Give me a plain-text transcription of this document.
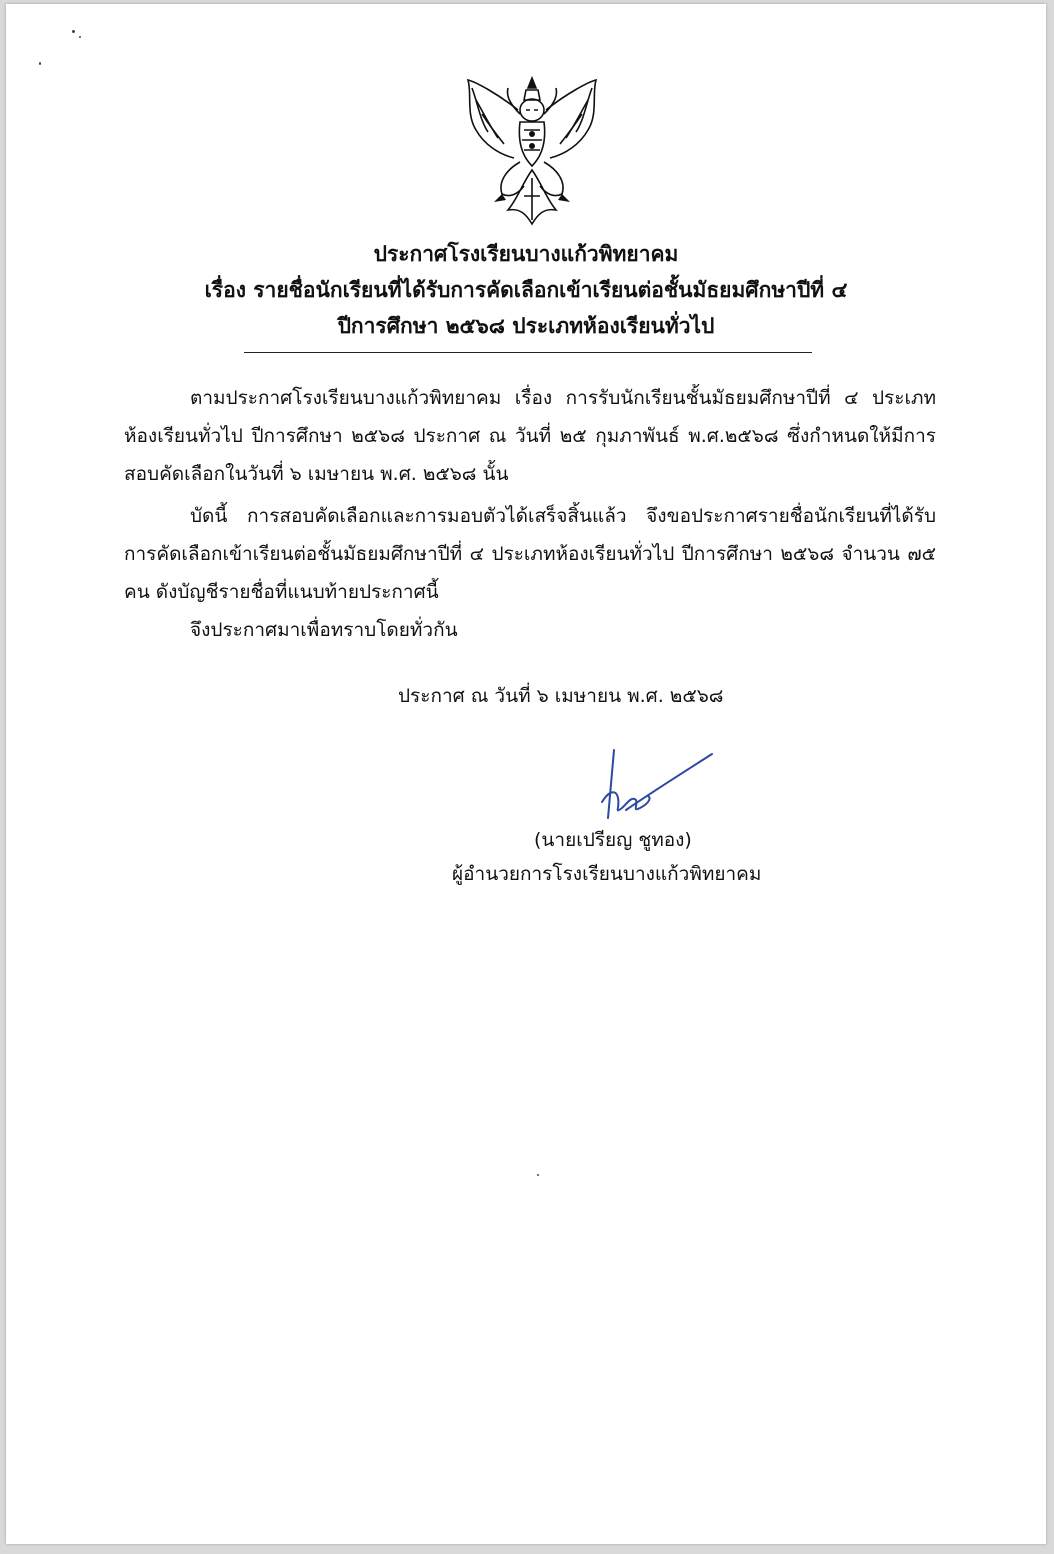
ประกาศโรงเรียนบางแก้วพิทยาคม
เรื่อง รายชื่อนักเรียนที่ได้รับการคัดเลือกเข้าเรียนต่อชั้นมัธยมศึกษาปีที่ ๔
ปีการศึกษา ๒๕๖๘ ประเภทห้องเรียนทั่วไป
ตามประกาศโรงเรียนบางแก้วพิทยาคม เรื่อง การรับนักเรียนชั้นมัธยมศึกษาปีที่ ๔ ประเภทห้องเรียนทั่วไป ปีการศึกษา ๒๕๖๘ ประกาศ ณ วันที่ ๒๕ กุมภาพันธ์ พ.ศ.๒๕๖๘ ซึ่งกำหนดให้มีการสอบคัดเลือกในวันที่ ๖ เมษายน พ.ศ. ๒๕๖๘ นั้น
บัดนี้ การสอบคัดเลือกและการมอบตัวได้เสร็จสิ้นแล้ว จึงขอประกาศรายชื่อนักเรียนที่ได้รับการคัดเลือกเข้าเรียนต่อชั้นมัธยมศึกษาปีที่ ๔ ประเภทห้องเรียนทั่วไป ปีการศึกษา ๒๕๖๘ จำนวน ๗๕ คน ดังบัญชีรายชื่อที่แนบท้ายประกาศนี้
จึงประกาศมาเพื่อทราบโดยทั่วกัน
ประกาศ ณ วันที่ ๖ เมษายน พ.ศ. ๒๕๖๘
(นายเปรียญ ชูทอง)
ผู้อำนวยการโรงเรียนบางแก้วพิทยาคม
